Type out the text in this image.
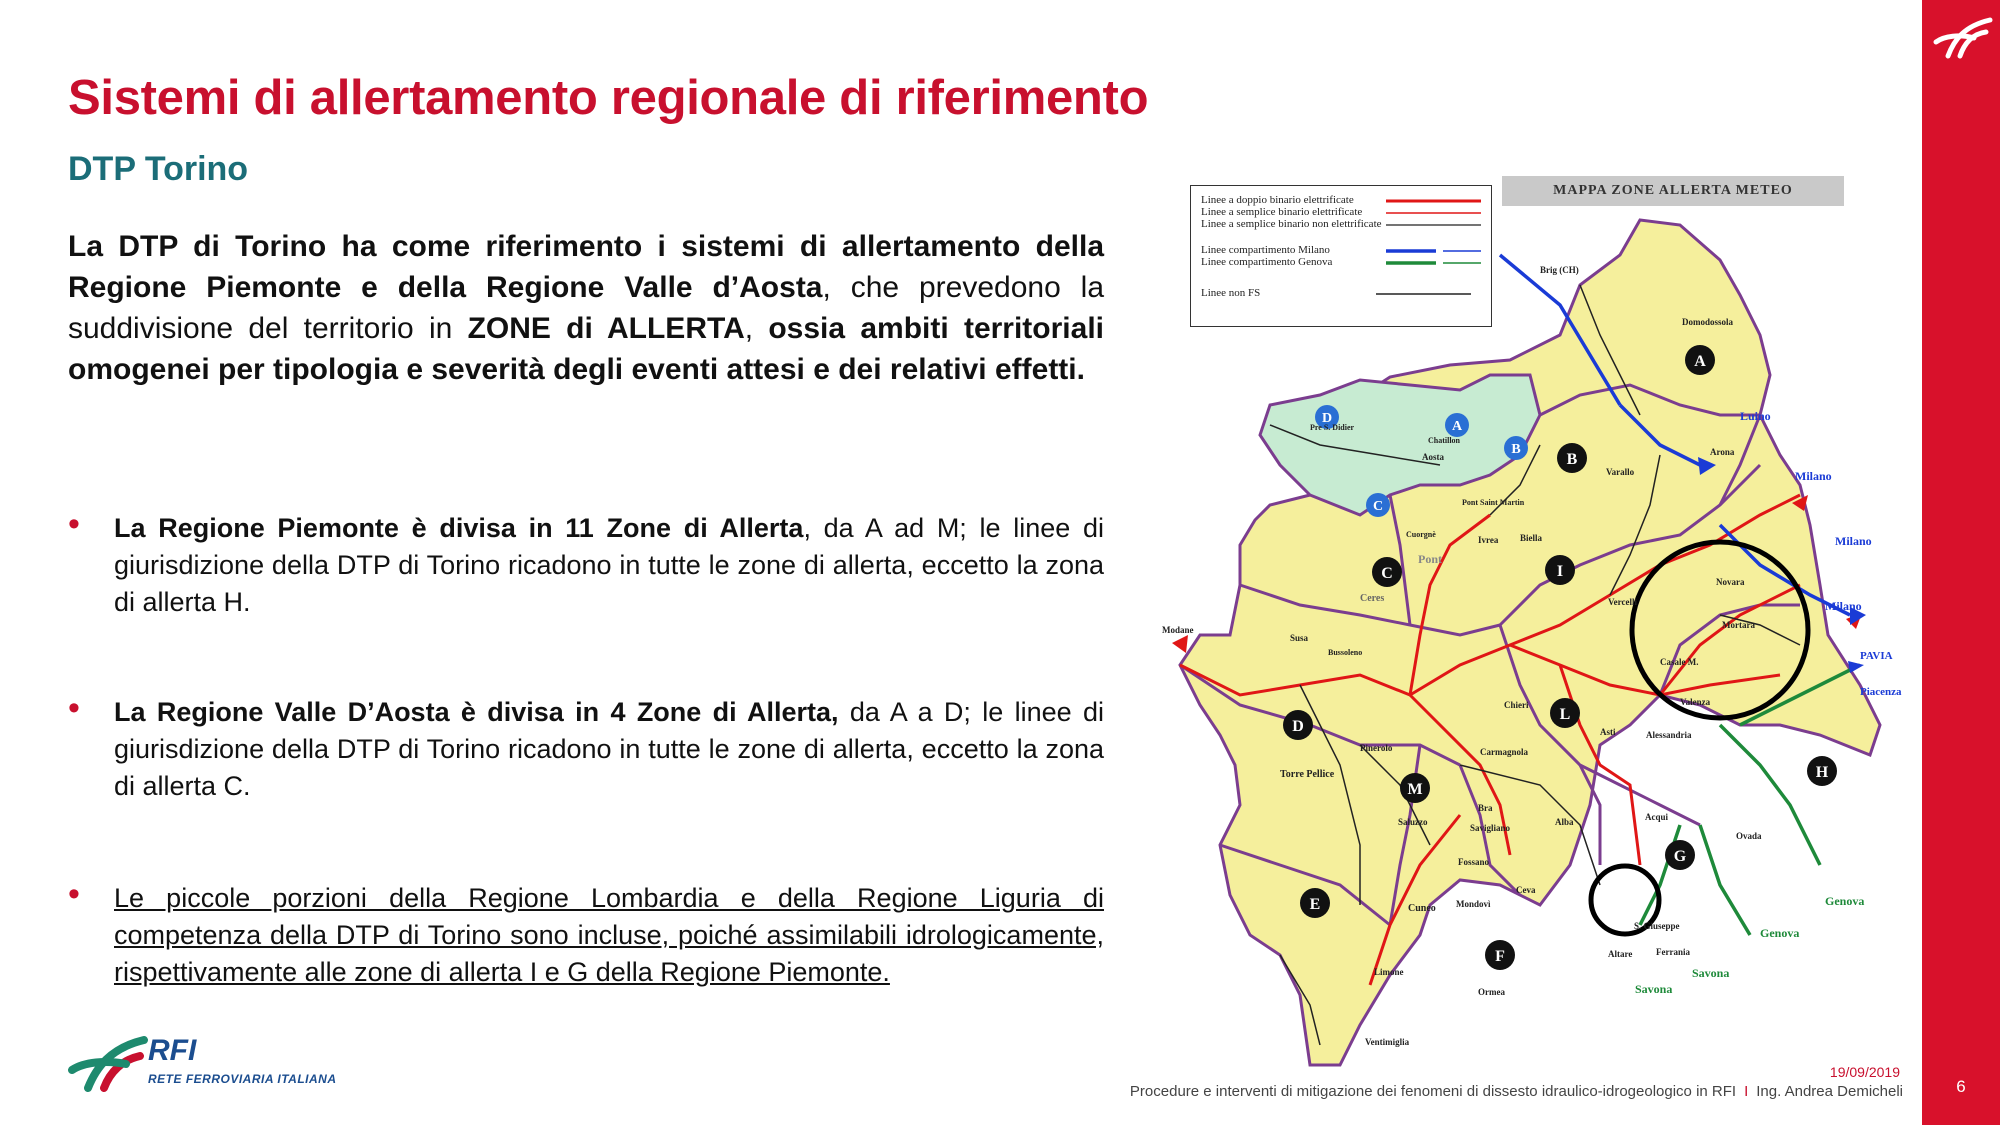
Sistemi di allertamento regionale di riferimento
DTP Torino
La DTP di Torino ha come riferimento i sistemi di allertamento della Regione Piemonte e della Regione Valle d’Aosta, che prevedono la suddivisione del territorio in ZONE di ALLERTA, ossia ambiti territoriali omogenei per tipologia e severità degli eventi attesi e dei relativi effetti.
• La Regione Piemonte è divisa in 11 Zone di Allerta, da A ad M; le linee di giurisdizione della DTP di Torino ricadono in tutte le zone di allerta, eccetto la zona di allerta H.
• La Regione Valle D’Aosta è divisa in 4 Zone di Allerta, da A a D; le linee di giurisdizione della DTP di Torino ricadono in tutte le zone di allerta, eccetto la zona di allerta C.
• Le piccole porzioni della Regione Lombardia e della Regione Liguria di competenza della DTP di Torino sono incluse, poiché assimilabili idrologicamente, rispettivamente alle zone di allerta I e G della Regione Piemonte.
A
B
C
D
E
F
G
H
I
L
M
A
B
C
D	Luino
Milano
Milano
Milano
PAVIA
Piacenza
Genova
Genova
Savona
Savona
Modane
Torre Pellice
Aosta
Alessandria
Asti
Acqui
Ovada
Cuneo
Ivrea Biella
Vercelli
Novara
Mortara
Chieri
Alba
Bra
Fossano
Savigliano
Mondovì
Ceva
Ormea
Limone
Ventimiglia
Varallo
Domodossola
Brig (CH)
Arona
Valenza
Casale M.
Altare	Ferrania
S. Giuseppe
Pont
Ceres
Susa
Pinerolo	Carmagnola
Saluzzo
Pre S. Didier
Pont Saint Martin
Chatillon
Bussoleno
Cuorgnè
Linee a doppio binario elettrificate
Linee a semplice binario elettrificate
Linee a semplice binario non elettrificate
Linee compartimento Milano
Linee compartimento Genova
Linee non FS
MAPPA ZONE ALLERTA METEO
RFI
RETE FERROVIARIA ITALIANA	19/09/2019
Procedure e interventi di mitigazione dei fenomeni di dissesto idraulico-idrogeologico in RFI I Ing. Andrea Demicheli	6
